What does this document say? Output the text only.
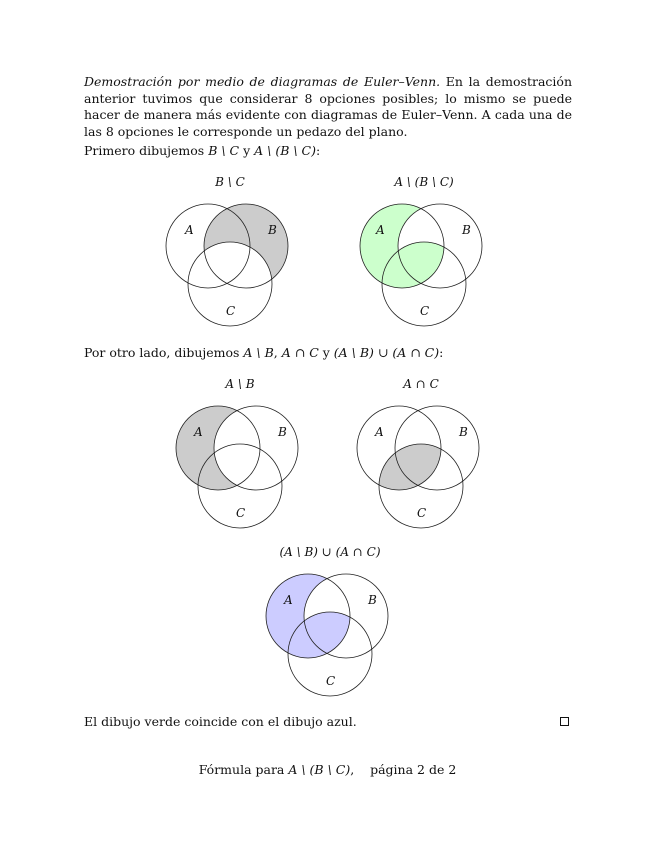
Demostración por medio de diagramas de Euler–Venn. En la demostración anterior tuvimos que considerar 8 opciones posibles; lo mismo se puede hacer de manera más evidente con diagramas de Euler–Venn. A cada una de las 8 opciones le corresponde un pedazo del plano.
Primero dibujemos B \ C y A \ (B \ C):
B \ C
A	B
C
A \ (B \ C)
A	B
C
Por otro lado, dibujemos A \ B, A ∩ C y (A \ B) ∪ (A ∩ C):
A \ B
A	B
C
A ∩ C
A	B
C
(A \ B) ∪ (A ∩ C)
A	B
C
El dibujo verde coincide con el dibujo azul.
Fórmula para A \ (B \ C),    página 2 de 2
